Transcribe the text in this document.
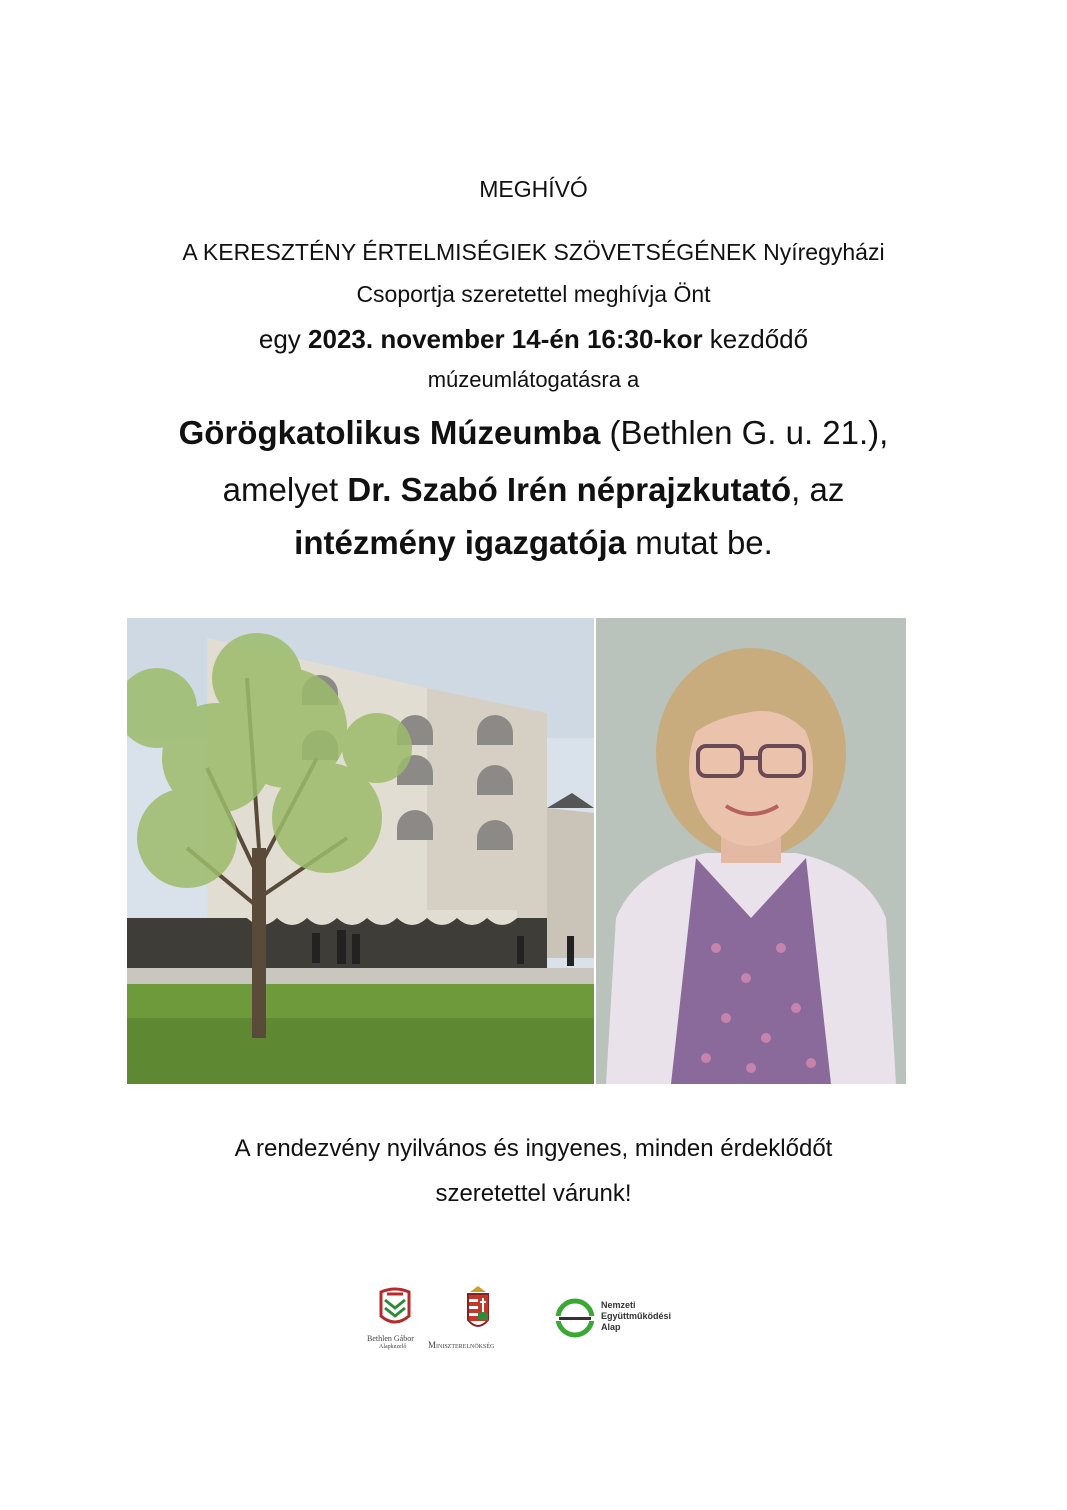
MEGHÍVÓ
A KERESZTÉNY ÉRTELMISÉGIEK SZÖVETSÉGÉNEK Nyíregyházi
Csoportja szeretettel meghívja Önt
egy 2023. november 14-én 16:30-kor kezdődő
múzeumlátogatásra a
Görögkatolikus Múzeumba (Bethlen G. u. 21.),
amelyet Dr. Szabó Irén néprajzkutató, az
intézmény igazgatója mutat be.
A rendezvény nyilvános és ingyenes, minden érdeklődőt
szeretettel várunk!
Bethlen Gábor
Alapkezelő Miniszterelnökség
Nemzeti
Együttműködési
Alap
